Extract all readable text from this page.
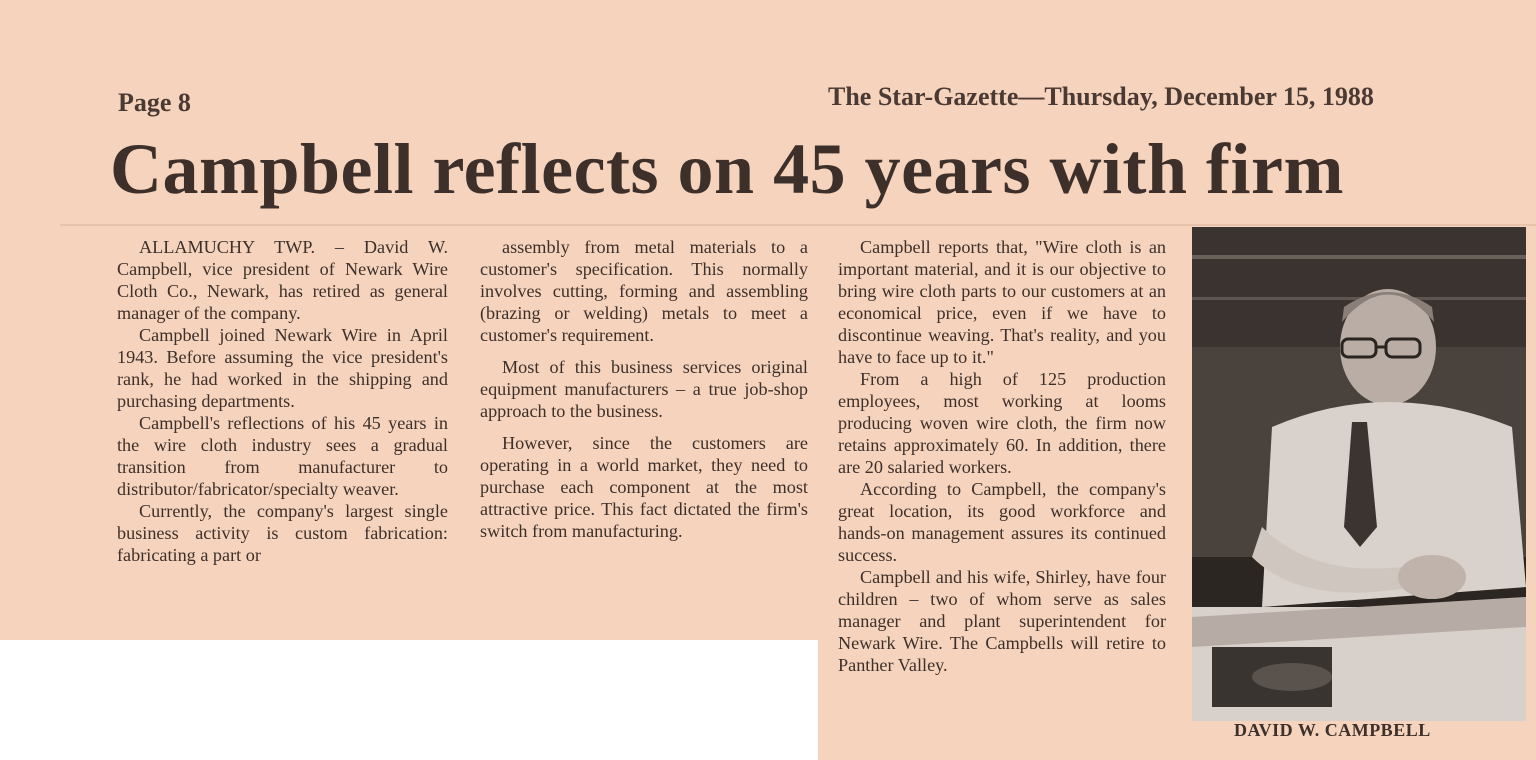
Page 8	The Star-Gazette—Thursday, December 15, 1988
Campbell reflects on 45 years with firm

ALLAMUCHY TWP. – David W. Campbell, vice president of Newark Wire Cloth Co., Newark, has retired as general manager of the company.

Campbell joined Newark Wire in April 1943. Before assuming the vice president's rank, he had worked in the shipping and purchasing departments.

Campbell's reflections of his 45 years in the wire cloth industry sees a gradual transition from manufacturer to distributor/fabricator/specialty weaver.

Currently, the company's largest single business activity is custom fabrication: fabricating a part or

assembly from metal materials to a customer's specification. This normally involves cutting, forming and assembling (brazing or welding) metals to meet a customer's requirement.

Most of this business services original equipment manufacturers – a true job-shop approach to the business.

However, since the customers are operating in a world market, they need to purchase each component at the most attractive price. This fact dictated the firm's switch from manufacturing.

Campbell reports that, "Wire cloth is an important material, and it is our objective to bring wire cloth parts to our customers at an economical price, even if we have to discontinue weaving. That's reality, and you have to face up to it."

From a high of 125 production employees, most working at looms producing woven wire cloth, the firm now retains approximately 60. In addition, there are 20 salaried workers.

According to Campbell, the company's great location, its good workforce and hands-on management assures its continued success.

Campbell and his wife, Shirley, have four children – two of whom serve as sales manager and plant superintendent for Newark Wire. The Campbells will retire to Panther Valley.

DAVID W. CAMPBELL
